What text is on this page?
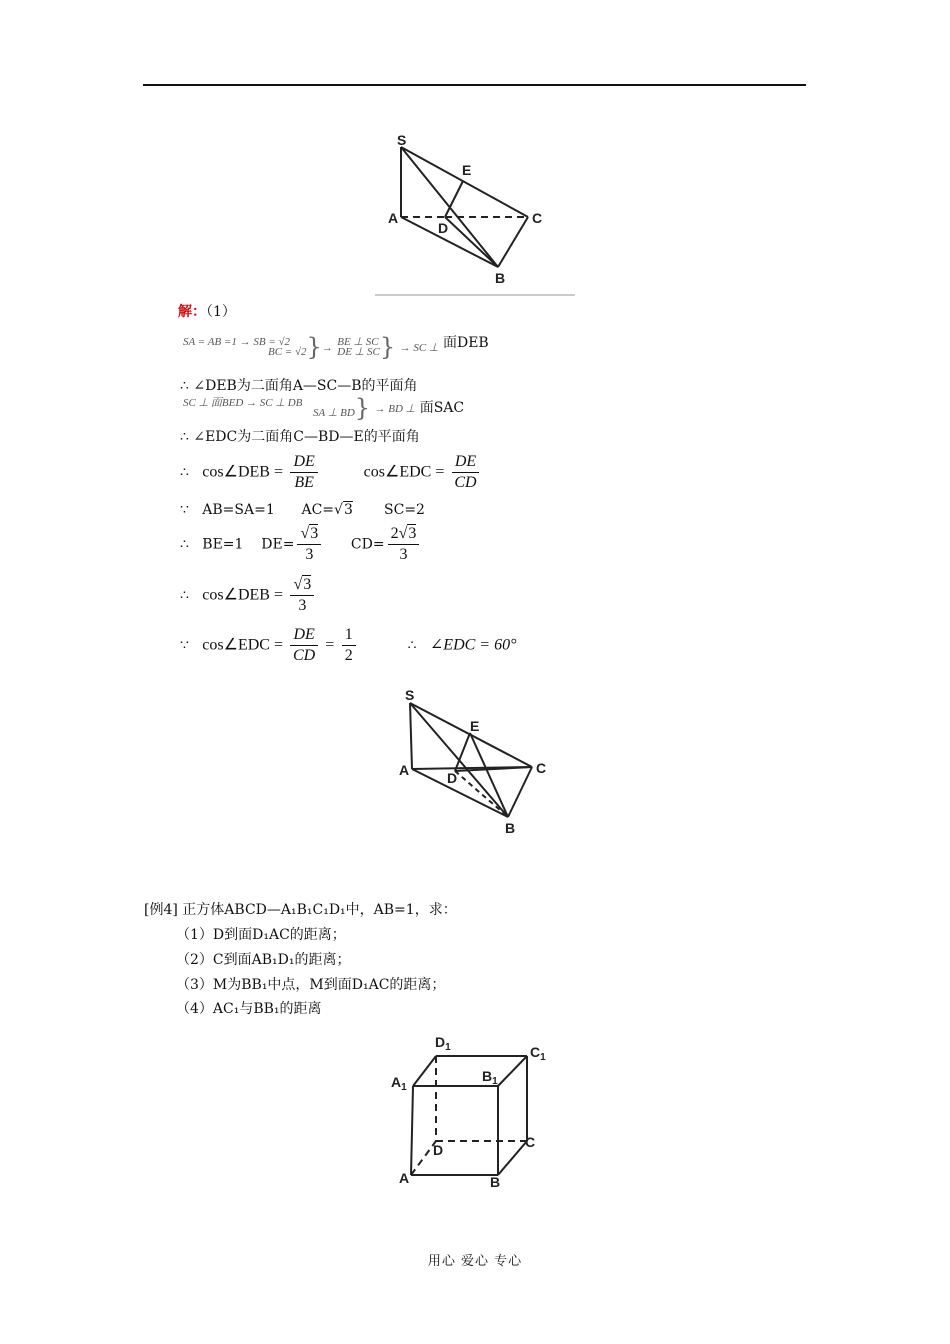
S
E
A	C
D
B
解：（1）
SA = AB =1 → SB = √2
BC = √2}→ BE ⊥ SC
DE ⊥ SC} → SC ⊥ 面DEB
∴ ∠DEB为二面角A—SC—B的平面角
SC ⊥ 面BED → SC ⊥ DB
SA ⊥ BD} → BD ⊥ 面SAC
∴ ∠EDC为二面角C—BD—E的平面角
∴ cos∠DEB = $\frac{DE}{BE}$	cos∠EDC = $\frac{DE}{CD}$
∵ AB=SA=1 AC=√3 SC=2
∴ BE=1 $DE= \frac{√3}{3} CD= \frac{2√3}{3}$
∴ cos∠DEB = $\frac{√3}{3}$
∵ cos∠EDC = $\frac{DE}{CD} = \frac{1}{2}$	∴ ∠EDC = 60°
S
E
A	C
D
B
[例4] 正方体ABCD—A₁B₁C₁D₁中，AB=1，求：
（1）D到面D₁AC的距离；
（2）C到面AB₁D₁的距离；
（3）M为BB₁中点，M到面D₁AC的距离；
（4）AC₁与BB₁的距离
$D_1$	$C_1$
$A_1$
$B_1$
C
D
A	B
用心 爱心 专心
